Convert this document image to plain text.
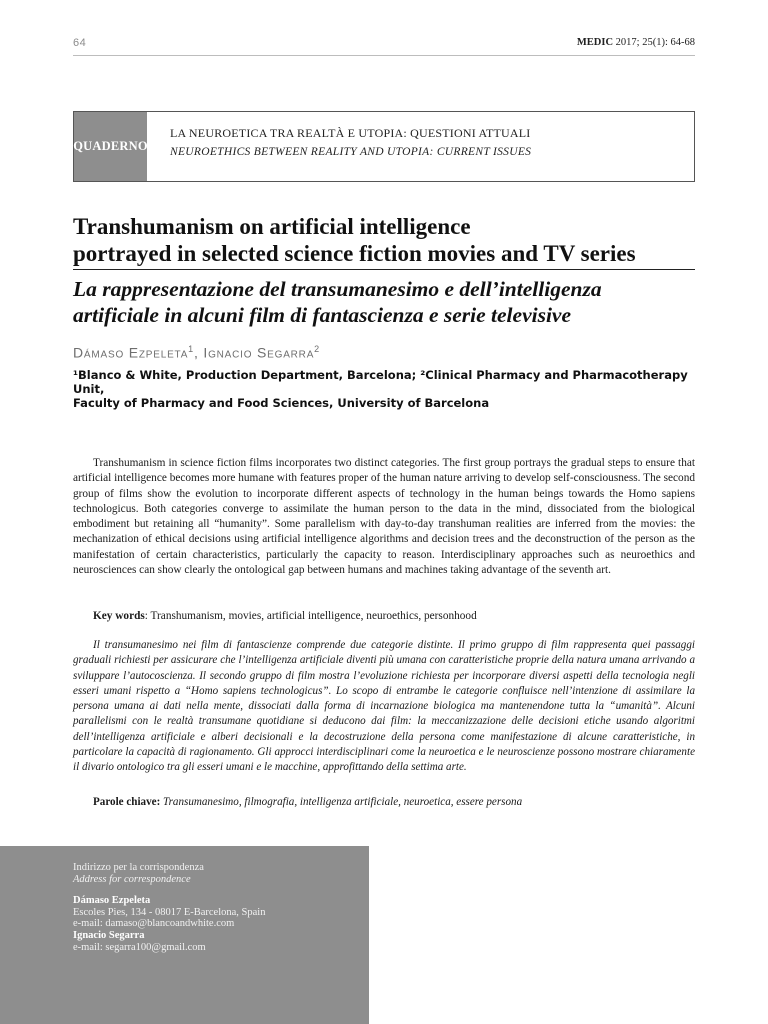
64	MEDIC 2017; 25(1): 64-68
QUADERNO
LA NEUROETICA TRA REALTÀ E UTOPIA: QUESTIONI ATTUALI
NEUROETHICS BETWEEN REALITY AND UTOPIA: CURRENT ISSUES
Transhumanism on artificial intelligence
portrayed in selected science fiction movies and TV series
La rappresentazione del transumanesimo e dell’intelligenza
artificiale in alcuni film di fantascienza e serie televisive
Dámaso Ezpeleta$^1$, Ignacio Segarra$^2$
¹Blanco & White, Production Department, Barcelona; ²Clinical Pharmacy and Pharmacotherapy Unit,
Faculty of Pharmacy and Food Sciences, University of Barcelona

Transhumanism in science fiction films incorporates two distinct categories. The first group portrays the gradual steps to ensure that artificial intelligence becomes more humane with features proper of the human nature arriving to develop self-consciousness. The second group of films show the evolution to incorporate different aspects of technology in the human beings towards the Homo sapiens technologicus. Both categories converge to assimilate the human person to the data in the mind, dissociated from the biological embodiment but retaining all “humanity”. Some parallelism with day-to-day transhuman realities are inferred from the movies: the mechanization of ethical decisions using artificial intelligence algorithms and decision trees and the deconstruction of the person as the manifestation of certain characteristics, particularly the capacity to reason. Interdisciplinary approaches such as neuroethics and neurosciences can show clearly the ontological gap between humans and machines taking advantage of the seventh art.

Key words: Transhumanism, movies, artificial intelligence, neuroethics, personhood

Il transumanesimo nei film di fantascienze comprende due categorie distinte. Il primo gruppo di film rappresenta quei passaggi graduali richiesti per assicurare che l’intelligenza artificiale diventi più umana con caratteristiche proprie della natura umana arrivando a sviluppare l’autocoscienza. Il secondo gruppo di film mostra l’evoluzione richiesta per incorporare diversi aspetti della tecnologia negli esseri umani rispetto a “Homo sapiens technologicus”. Lo scopo di entrambe le categorie confluisce nell’intenzione di assimilare la persona umana ai dati nella mente, dissociati dalla forma di incarnazione biologica ma mantenendone tutta la “umanità”. Alcuni parallelismi con le realtà transumane quotidiane si deducono dai film: la meccanizzazione delle decisioni etiche usando algoritmi dell’intelligenza artificiale e alberi decisionali e la decostruzione della persona come manifestazione di alcune caratteristiche, in particolare la capacità di ragionamento. Gli approcci interdisciplinari come la neuroetica e le neuroscienze possono mostrare chiaramente il divario ontologico tra gli esseri umani e le macchine, approfittando della settima arte.

Parole chiave: Transumanesimo, filmografia, intelligenza artificiale, neuroetica, essere persona
Indirizzo per la corrispondenza
Address for correspondence
Dámaso Ezpeleta
Escoles Pies, 134 - 08017 E-Barcelona, Spain
e-mail: damaso@blancoandwhite.com
Ignacio Segarra
e-mail: segarra100@gmail.com
